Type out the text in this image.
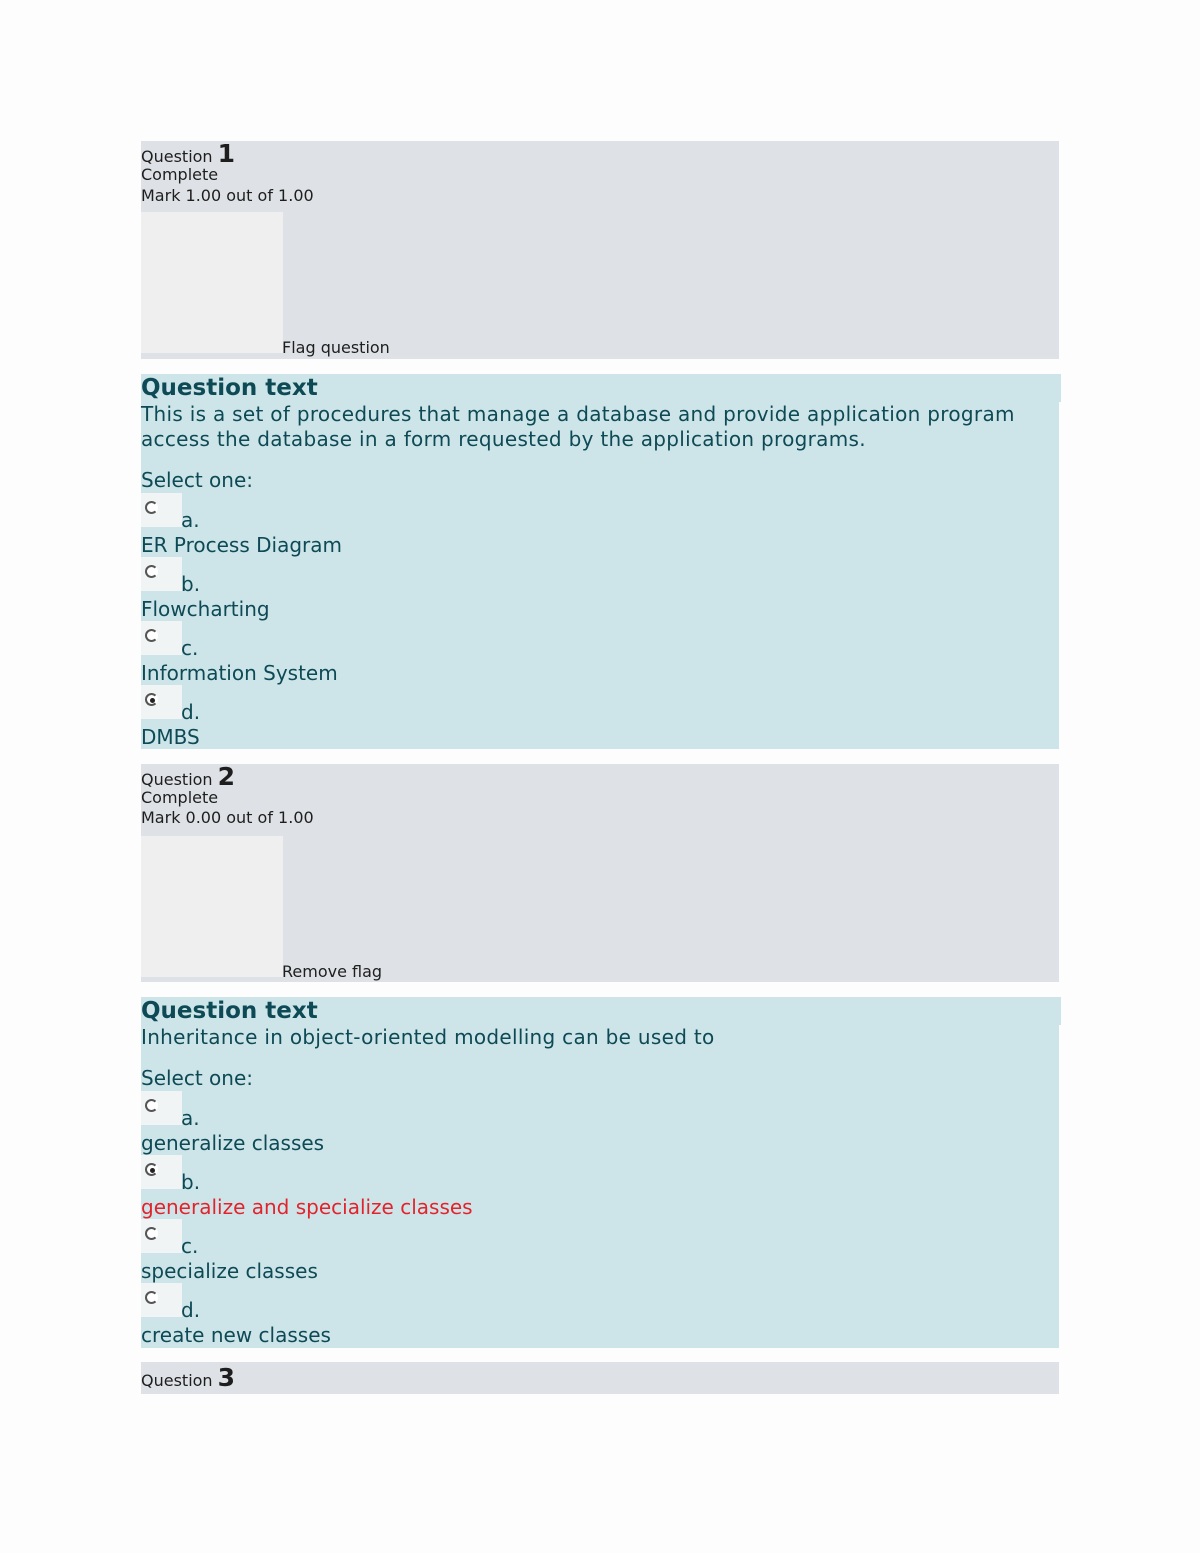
Question 1
Complete
Mark 1.00 out of 1.00
Flag question
Question text
This is a set of procedures that manage a database and provide application program
access the database in a form requested by the application programs.
Select one:
a.
ER Process Diagram
b.
Flowcharting
c.
Information System
d.
DMBS
Question 2
Complete
Mark 0.00 out of 1.00
Remove flag
Question text
Inheritance in object-oriented modelling can be used to
Select one:
a.
generalize classes
b.
generalize and specialize classes
c.
specialize classes
d.
create new classes
Question 3
